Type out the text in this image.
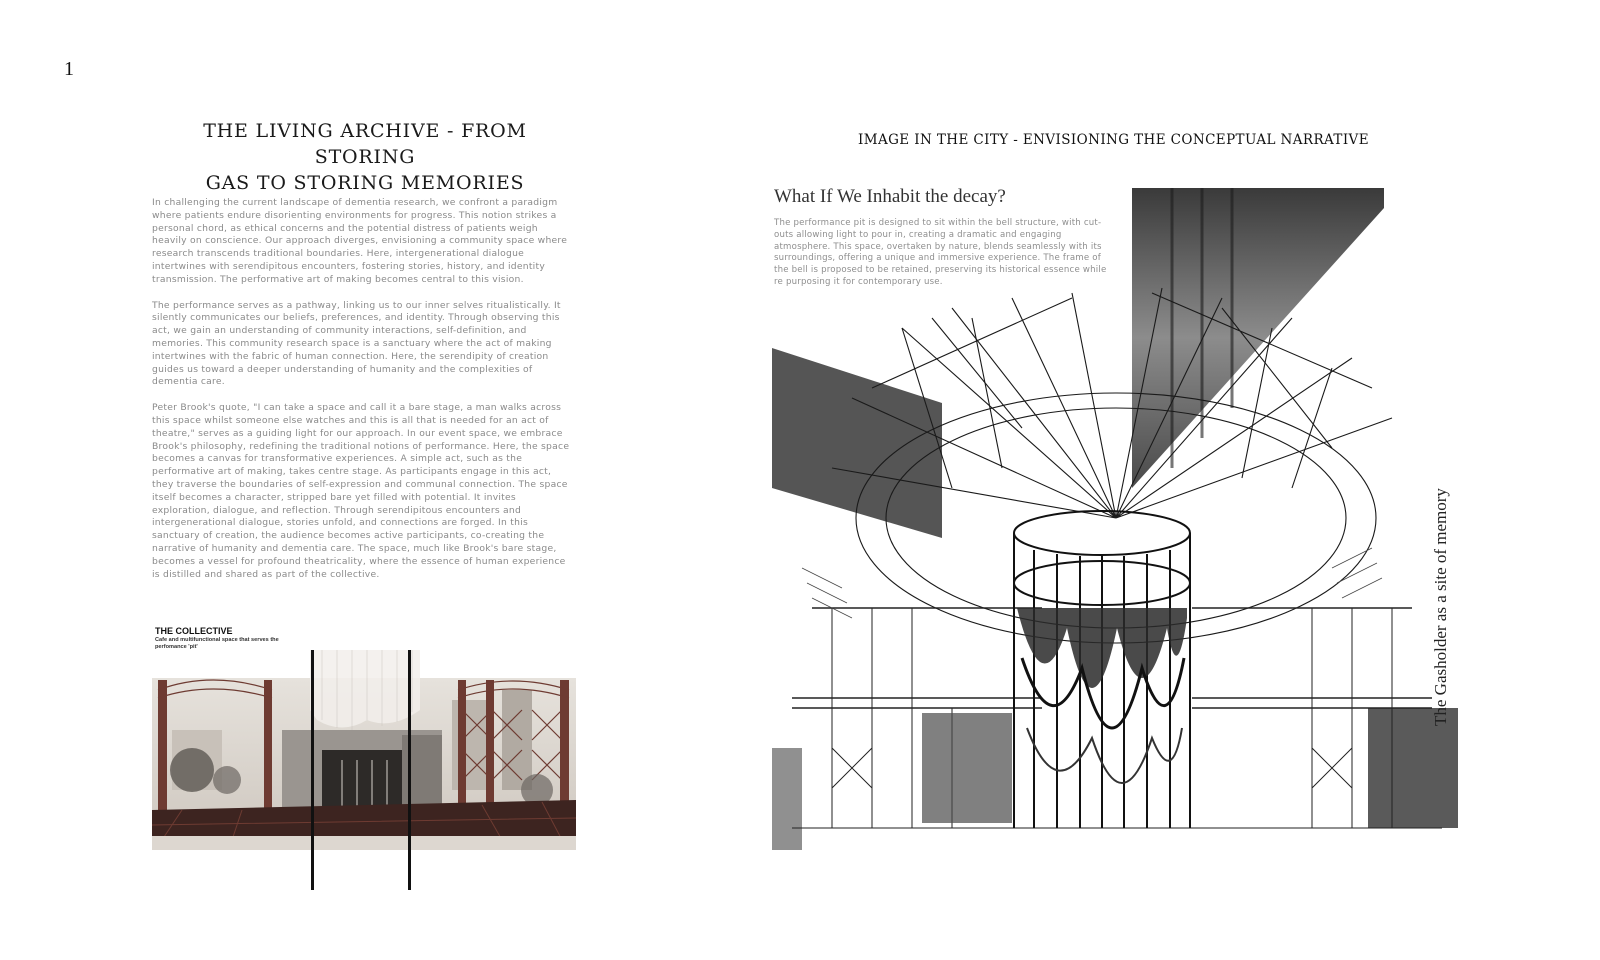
1
THE LIVING ARCHIVE - FROM STORING
GAS TO STORING MEMORIES

In challenging the current landscape of dementia research, we confront a paradigm where patients endure disorienting environments for progress. This notion strikes a personal chord, as ethical concerns and the potential distress of patients weigh heavily on conscience. Our approach diverges, envisioning a community space where research transcends traditional boundaries. Here, intergenerational dialogue intertwines with serendipitous encounters, fostering stories, history, and identity transmission. The performative art of making becomes central to this vision.

The performance serves as a pathway, linking us to our inner selves ritualistically. It silently communicates our beliefs, preferences, and identity. Through observing this act, we gain an understanding of community interactions, self-definition, and memories. This community research space is a sanctuary where the act of making intertwines with the fabric of human connection. Here, the serendipity of creation guides us toward a deeper understanding of humanity and the complexities of dementia care.

Peter Brook's quote, "I can take a space and call it a bare stage, a man walks across this space whilst someone else watches and this is all that is needed for an act of theatre," serves as a guiding light for our approach. In our event space, we embrace Brook's philosophy, redefining the traditional notions of performance. Here, the space becomes a canvas for transformative experiences. A simple act, such as the performative art of making, takes centre stage. As participants engage in this act, they traverse the boundaries of self-expression and communal connection. The space itself becomes a character, stripped bare yet filled with potential. It invites exploration, dialogue, and reflection. Through serendipitous encounters and intergenerational dialogue, stories unfold, and connections are forged. In this sanctuary of creation, the audience becomes active participants, co-creating the narrative of humanity and dementia care. The space, much like Brook's bare stage, becomes a vessel for profound theatricality, where the essence of human experience is distilled and shared as part of the collective.

THE COLLECTIVE
Cafe and multifunctional space that serves the perfomance 'pit'
IMAGE IN THE CITY - ENVISIONING THE CONCEPTUAL NARRATIVE
What If We Inhabit the decay?
The performance pit is designed to sit within the bell structure, with cut-outs allowing light to pour in, creating a dramatic and engaging atmosphere. This space, overtaken by nature, blends seamlessly with its surroundings, offering a unique and immersive experience. The frame of the bell is proposed to be retained, preserving its historical essence while re purposing it for contemporary use.
The Gasholder as a site of memory
